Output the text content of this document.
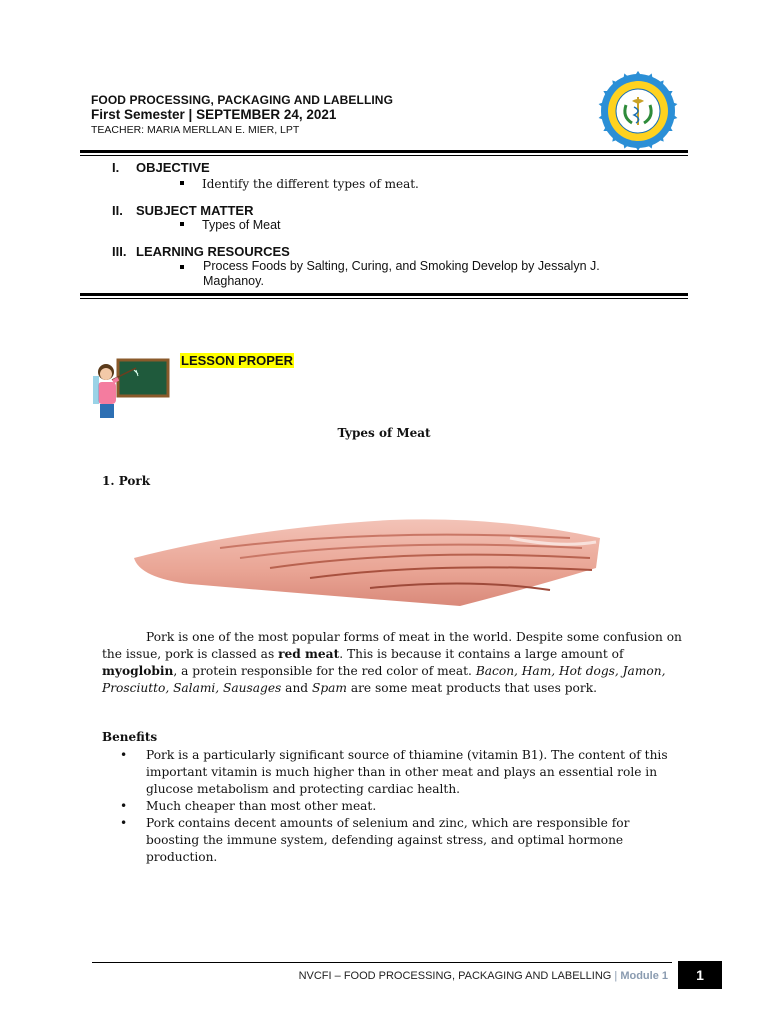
FOOD PROCESSING, PACKAGING AND LABELLING
First Semester | SEPTEMBER 24, 2021
TEACHER: MARIA MERLLAN E. MIER, LPT
I. OBJECTIVE
Identify the different types of meat.
II. SUBJECT MATTER
Types of Meat
III. LEARNING RESOURCES
Process Foods by Salting, Curing, and Smoking Develop by Jessalyn J. Maghanoy.
LESSON PROPER
Types of Meat
1. Pork

Pork is one of the most popular forms of meat in the world. Despite some confusion on the issue, pork is classed as red meat. This is because it contains a large amount of myoglobin, a protein responsible for the red color of meat. Bacon, Ham, Hot dogs, Jamon, Prosciutto, Salami, Sausages and Spam are some meat products that uses pork.

Benefits
• Pork is a particularly significant source of thiamine (vitamin B1). The content of this important vitamin is much higher than in other meat and plays an essential role in glucose metabolism and protecting cardiac health.
• Much cheaper than most other meat.
• Pork contains decent amounts of selenium and zinc, which are responsible for boosting the immune system, defending against stress, and optimal hormone production.
NVCFI – FOOD PROCESSING, PACKAGING AND LABELLING | Module 1	1
